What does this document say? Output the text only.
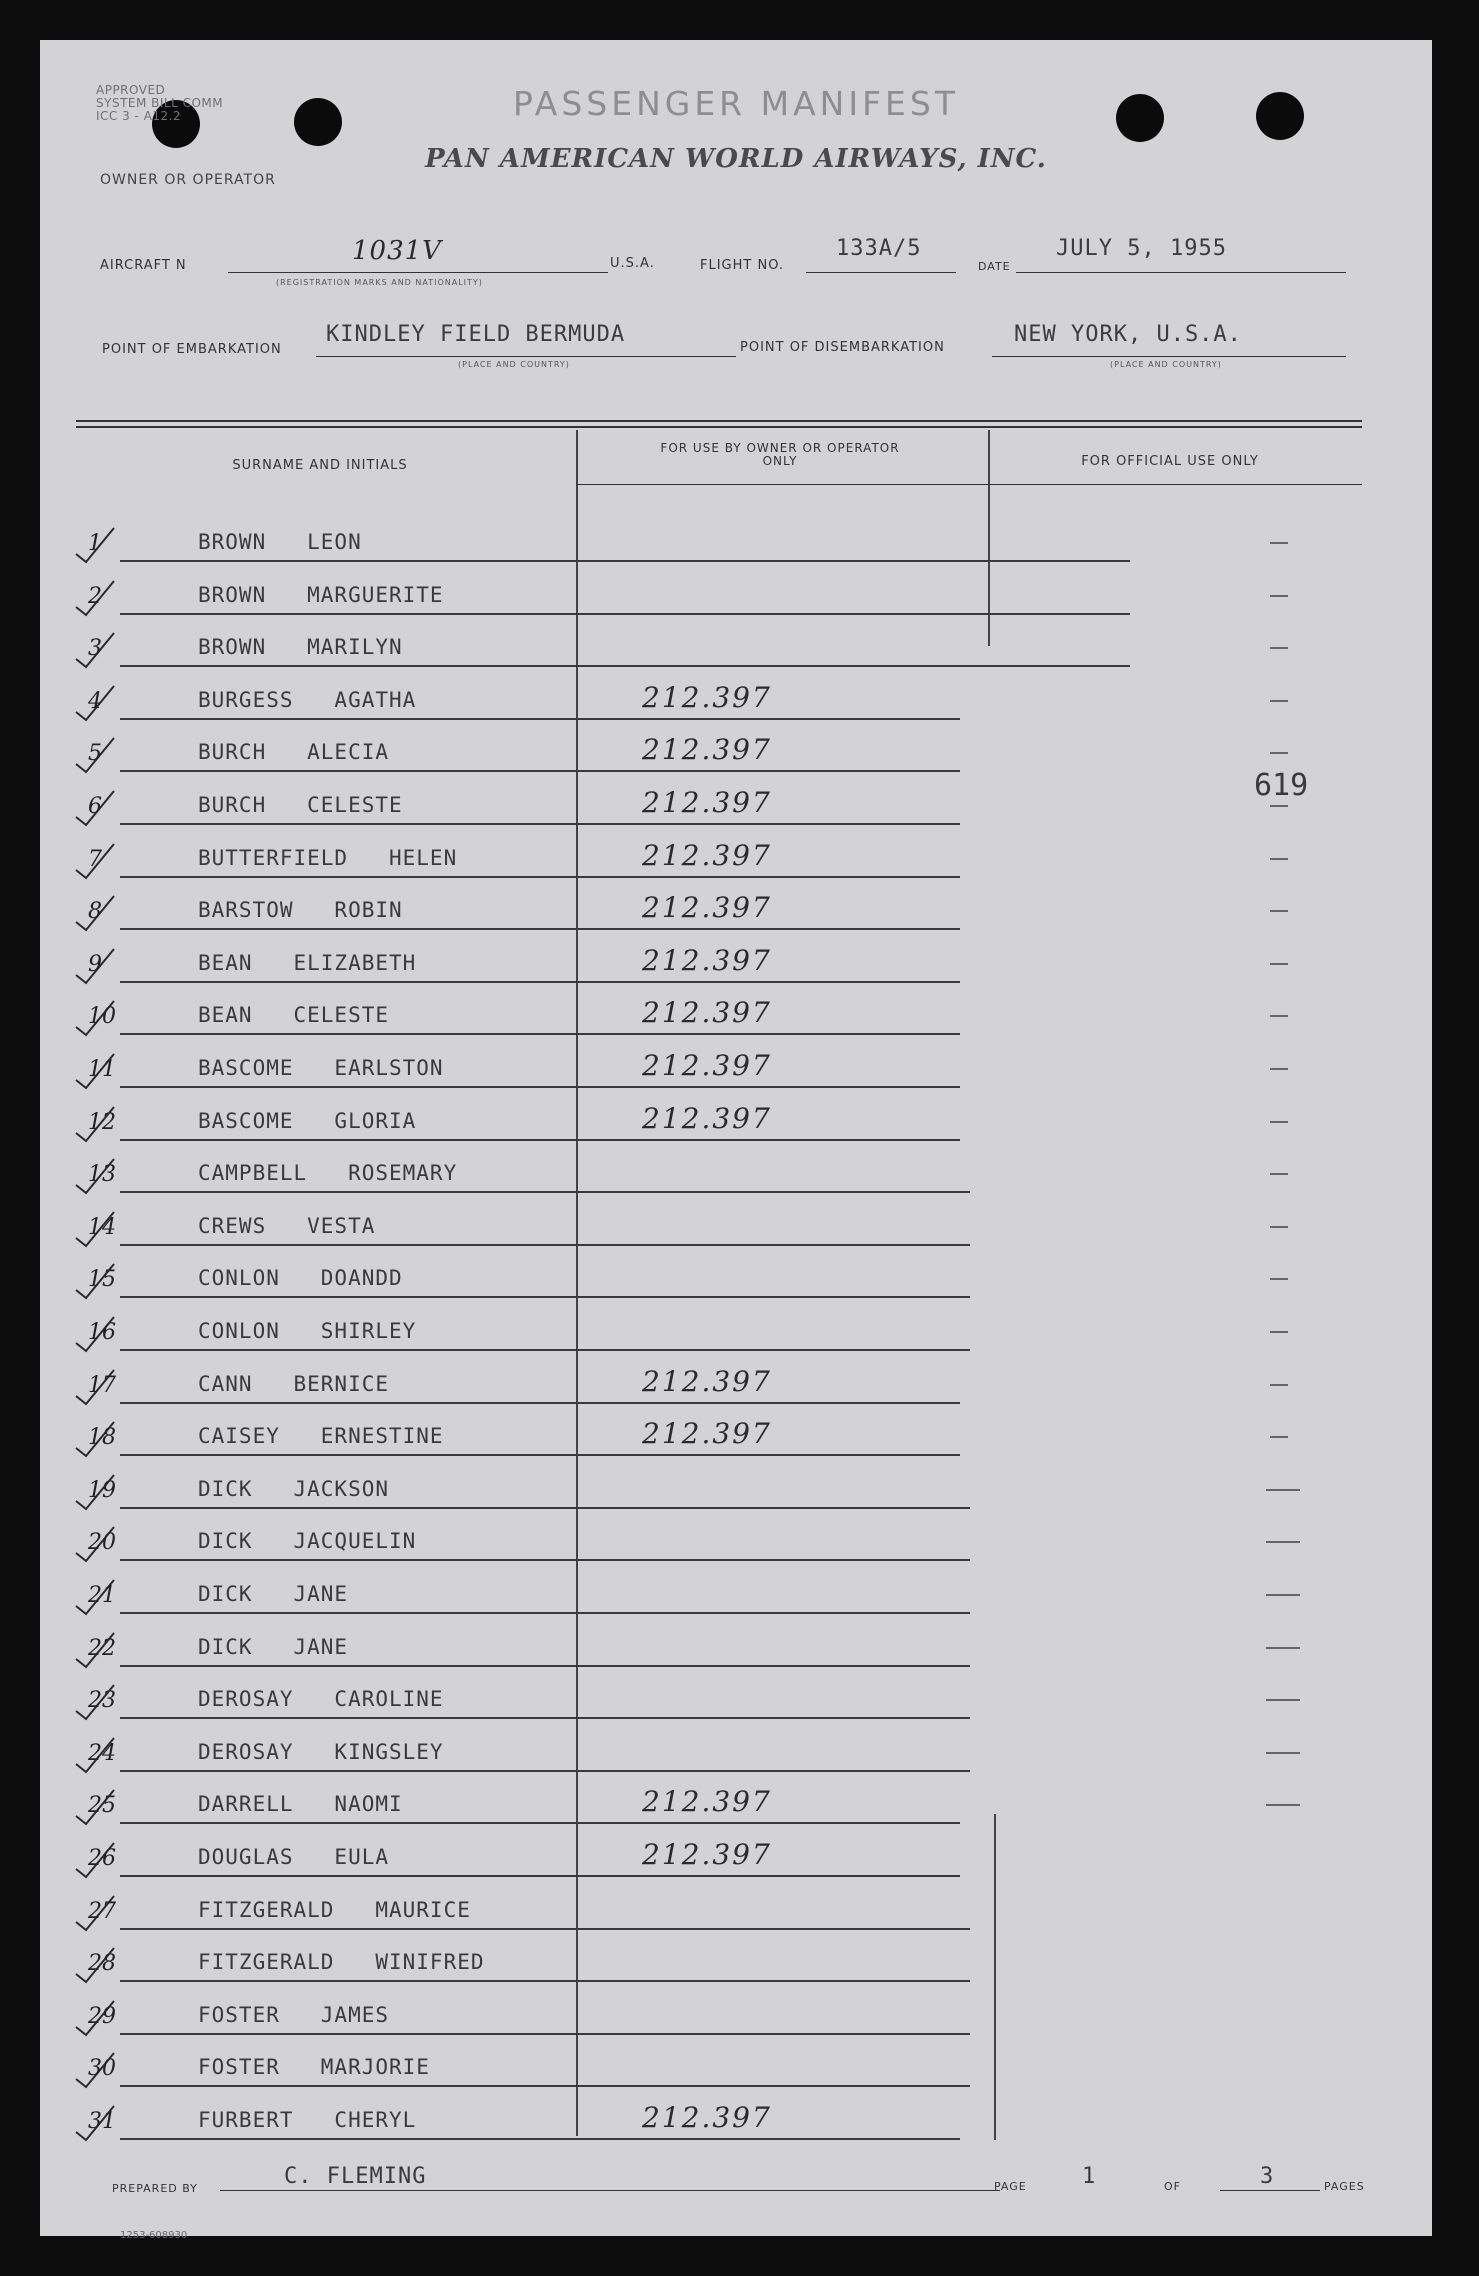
APPROVED
SYSTEM BILL COMM
ICC 3 - A12.2	PASSENGER MANIFEST
PAN AMERICAN WORLD AIRWAYS, INC.
OWNER OR OPERATOR
AIRCRAFT N	1031V
(REGISTRATION MARKS AND NATIONALITY)
U.S.A.	FLIGHT NO.
133A/5
DATE
JULY 5, 1955
POINT OF EMBARKATION
KINDLEY FIELD BERMUDA
(PLACE AND COUNTRY)
POINT OF DISEMBARKATION
NEW YORK, U.S.A.
(PLACE AND COUNTRY)
SURNAME AND INITIALS
FOR USE BY OWNER OR OPERATOR ONLY	FOR OFFICIAL USE ONLY
619
1	BROWN   LEON
2	BROWN   MARGUERITE
3	BROWN   MARILYN
4	BURGESS   AGATHA	212.397
5	BURCH   ALECIA	212.397
6	BURCH   CELESTE	212.397
7	BUTTERFIELD   HELEN	212.397
8	BARSTOW   ROBIN	212.397
9	BEAN   ELIZABETH	212.397
10	BEAN   CELESTE	212.397
11	BASCOME   EARLSTON	212.397
12	BASCOME   GLORIA	212.397
13	CAMPBELL   ROSEMARY
14	CREWS   VESTA
15	CONLON   DOANDD
16	CONLON   SHIRLEY
17	CANN   BERNICE	212.397
18	CAISEY   ERNESTINE	212.397
19	DICK   JACKSON
20	DICK   JACQUELIN
21	DICK   JANE
22	DICK   JANE
23	DEROSAY   CAROLINE
24	DEROSAY   KINGSLEY
25	DARRELL   NAOMI	212.397
26	DOUGLAS   EULA	212.397
27	FITZGERALD   MAURICE
28	FITZGERALD   WINIFRED
29	FOSTER   JAMES
30	FOSTER   MARJORIE
31	FURBERT   CHERYL	212.397
PREPARED BY	C. FLEMING	PAGE	1	OF	3	PAGES
1253-608930
